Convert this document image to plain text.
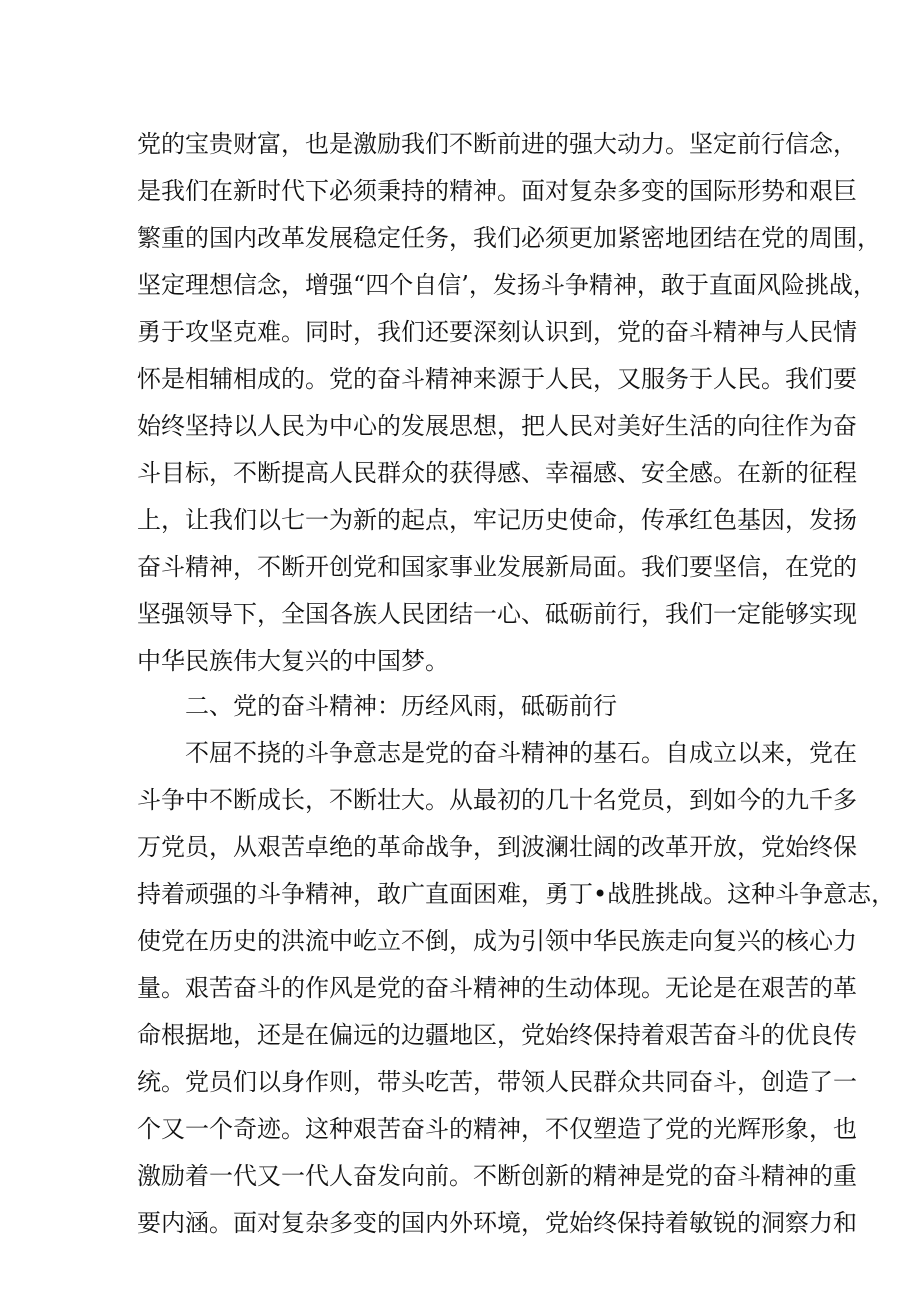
党的宝贵财富，也是激励我们不断前进的强大动力。坚定前行信念，
是我们在新时代下必须秉持的精神。面对复杂多变的国际形势和艰巨
繁重的国内改革发展稳定任务，我们必须更加紧密地团结在党的周围，
坚定理想信念，增强“四个自信’，发扬斗争精神，敢于直面风险挑战，
勇于攻坚克难。同时，我们还要深刻认识到，党的奋斗精神与人民情
怀是相辅相成的。党的奋斗精神来源于人民，又服务于人民。我们要
始终坚持以人民为中心的发展思想，把人民对美好生活的向往作为奋
斗目标，不断提高人民群众的获得感、幸福感、安全感。在新的征程
上，让我们以七一为新的起点，牢记历史使命，传承红色基因，发扬
奋斗精神，不断开创党和国家事业发展新局面。我们要坚信，在党的
坚强领导下，全国各族人民团结一心、砥砺前行，我们一定能够实现
中华民族伟大复兴的中国梦。
二、党的奋斗精神：历经风雨，砥砺前行
不屈不挠的斗争意志是党的奋斗精神的基石。自成立以来，党在
斗争中不断成长，不断壮大。从最初的几十名党员，到如今的九千多
万党员，从艰苦卓绝的革命战争，到波澜壮阔的改革开放，党始终保
持着顽强的斗争精神，敢广直面困难，勇丁•战胜挑战。这种斗争意志，
使党在历史的洪流中屹立不倒，成为引领中华民族走向复兴的核心力
量。艰苦奋斗的作风是党的奋斗精神的生动体现。无论是在艰苦的革
命根据地，还是在偏远的边疆地区，党始终保持着艰苦奋斗的优良传
统。党员们以身作则，带头吃苦，带领人民群众共同奋斗，创造了一
个又一个奇迹。这种艰苦奋斗的精神，不仅塑造了党的光辉形象，也
激励着一代又一代人奋发向前。不断创新的精神是党的奋斗精神的重
要内涵。面对复杂多变的国内外环境，党始终保持着敏锐的洞察力和
